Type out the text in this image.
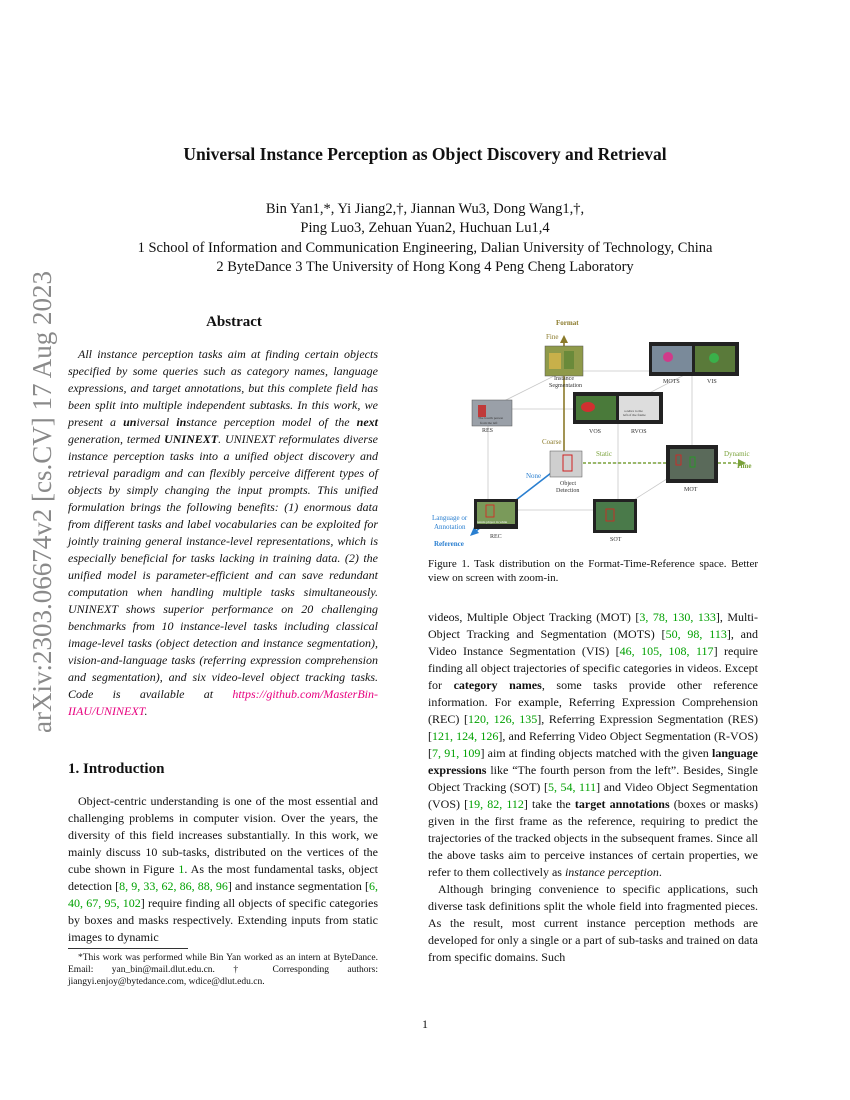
arXiv:2303.06674v2 [cs.CV] 17 Aug 2023
Universal Instance Perception as Object Discovery and Retrieval
Bin Yan1,*, Yi Jiang2,†, Jiannan Wu3, Dong Wang1,†,
Ping Luo3, Zehuan Yuan2, Huchuan Lu1,4
1 School of Information and Communication Engineering, Dalian University of Technology, China
2 ByteDance 3 The University of Hong Kong 4 Peng Cheng Laboratory
Abstract
All instance perception tasks aim at finding certain objects specified by some queries such as category names, language expressions, and target annotations, but this complete field has been split into multiple independent subtasks. In this work, we present a universal instance perception model of the next generation, termed UNINEXT. UNINEXT reformulates diverse instance perception tasks into a unified object discovery and retrieval paradigm and can flexibly perceive different types of objects by simply changing the input prompts. This unified formulation brings the following benefits: (1) enormous data from different tasks and label vocabularies can be exploited for jointly training general instance-level representations, which is especially beneficial for tasks lacking in training data. (2) the unified model is parameter-efficient and can save redundant computation when handling multiple tasks simultaneously. UNINEXT shows superior performance on 20 challenging benchmarks from 10 instance-level tasks including classical image-level tasks (object detection and instance segmentation), vision-and-language tasks (referring expression comprehension and segmentation), and six video-level object tracking tasks. Code is available at https://github.com/MasterBin-IIAU/UNINEXT.
1. Introduction
Object-centric understanding is one of the most essential and challenging problems in computer vision. Over the years, the diversity of this field increases substantially. In this work, we mainly discuss 10 sub-tasks, distributed on the vertices of the cube shown in Figure 1. As the most fundamental tasks, object detection [8, 9, 33, 62, 86, 88, 96] and instance segmentation [6, 40, 67, 95, 102] require finding all objects of specific categories by boxes and masks respectively. Extending inputs from static images to dynamic
videos, Multiple Object Tracking (MOT) [3, 78, 130, 133], Multi-Object Tracking and Segmentation (MOTS) [50, 98, 113], and Video Instance Segmentation (VIS) [46, 105, 108, 117] require finding all object trajectories of specific categories in videos. Except for category names, some tasks provide other reference information. For example, Referring Expression Comprehension (REC) [120, 126, 135], Referring Expression Segmentation (RES) [121, 124, 126], and Referring Video Object Segmentation (R-VOS) [7, 91, 109] aim at finding objects matched with the given language expressions like “The fourth person from the left”. Besides, Single Object Tracking (SOT) [5, 54, 111] and Video Object Segmentation (VOS) [19, 82, 112] take the target annotations (boxes or masks) given in the first frame as the reference, requiring to predict the trajectories of the tracked objects in the subsequent frames. Since all the above tasks aim to perceive instances of certain properties, we refer to them collectively as instance perception.
Although bringing convenience to specific applications, such diverse task definitions split the whole field into fragmented pieces. As the result, most current instance perception methods are developed for only a single or a part of sub-tasks and trained on data from specific domains. Such
*This work was performed while Bin Yan worked as an intern at ByteDance. Email: yan_bin@mail.dlut.edu.cn. † Corresponding authors: jiangyi.enjoy@bytedance.com, wdice@dlut.edu.cn.
Format
Fine
Coarse
None
Static	Dynamic
Time
Language or
Annotation
Reference
Instance
Segmentation
MOTS	VIS
The fourth person
from the left
RES
a zebra to the
left of the frame
VOS	RVOS
Object
Detection	MOT
tennis player in white
REC	SOT
Figure 1. Task distribution on the Format-Time-Reference space. Better view on screen with zoom-in.
1
